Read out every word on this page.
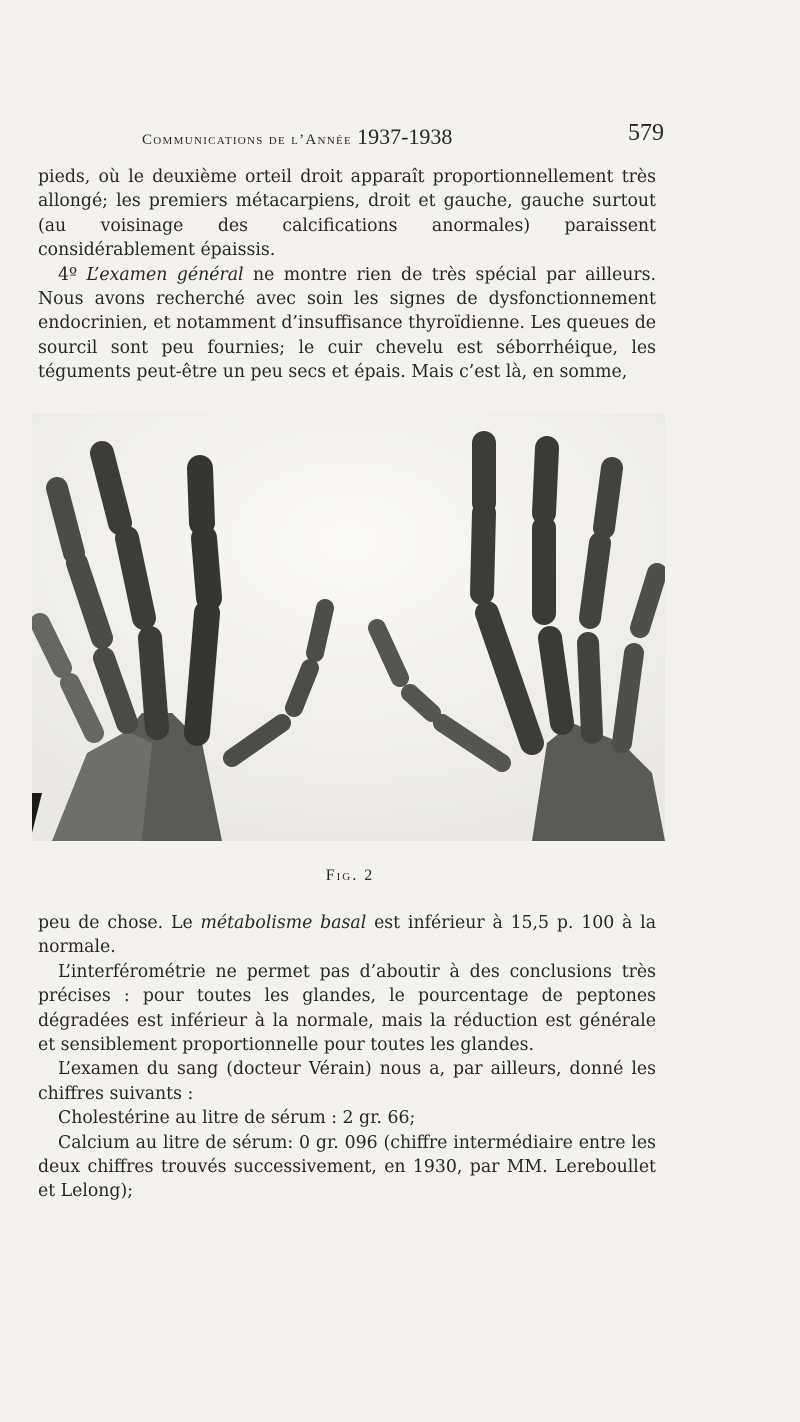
Communications de l’Année 1937-1938	579

pieds, où le deuxième orteil droit apparaît proportionnellement très allongé; les premiers métacarpiens, droit et gauche, gauche surtout (au voisinage des calcifications anormales) paraissent considérablement épaissis.

4º L’examen général ne montre rien de très spécial par ailleurs. Nous avons recherché avec soin les signes de dysfonctionnement endocrinien, et notamment d’insuffisance thyroïdienne. Les queues de sourcil sont peu fournies; le cuir chevelu est séborrhéique, les téguments peut-être un peu secs et épais. Mais c’est là, en somme,

Fig. 2

peu de chose. Le métabolisme basal est inférieur à 15,5 p. 100 à la normale.

L’interférométrie ne permet pas d’aboutir à des conclusions très précises : pour toutes les glandes, le pourcentage de peptones dégradées est inférieur à la normale, mais la réduction est générale et sensiblement proportionnelle pour toutes les glandes.

L’examen du sang (docteur Vérain) nous a, par ailleurs, donné les chiffres suivants :

Cholestérine au litre de sérum : 2 gr. 66;

Calcium au litre de sérum: 0 gr. 096 (chiffre intermédiaire entre les deux chiffres trouvés successivement, en 1930, par MM. Lereboullet et Lelong);
